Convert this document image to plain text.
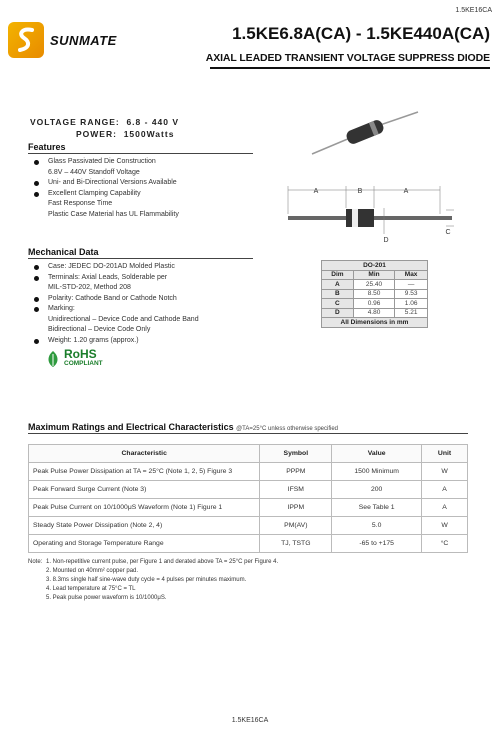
1.5KE16CA
SUNMATE	1.5KE6.8A(CA) - 1.5KE440A(CA)
AXIAL LEADED TRANSIENT VOLTAGE SUPPRESS DIODE
VOLTAGE RANGE: 6.8 - 440 V
POWER: 1500Watts
Features
Glass Passivated Die Construction
6.8V – 440V Standoff Voltage
Uni- and Bi-Directional Versions Available
Excellent Clamping Capability
Fast Response Time
Plastic Case Material has UL Flammability
A	B	A
C
D
Mechanical Data
Case: JEDEC DO-201AD Molded Plastic
Terminals: Axial Leads, Solderable per
MIL-STD-202, Method 208
Polarity: Cathode Band or Cathode Notch
Marking:
Unidirectional – Device Code and Cathode Band
Bidirectional – Device Code Only
Weight: 1.20 grams (approx.)
DO-201		
Dim	Min	Max
A	25.40	—
B	8.50	9.53
C	0.96	1.06
D	4.80	5.21
All Dimensions in mm		
RoHS
COMPLIANT
Maximum Ratings and Electrical Characteristics @TA=25°C unless otherwise specified
Characteristic	Symbol	Value	Unit
Peak Pulse Power Dissipation at TA = 25°C (Note 1, 2, 5) Figure 3	PPPM	1500 Minimum	W
Peak Forward Surge Current (Note 3)	IFSM	200	A
Peak Pulse Current on 10/1000μS Waveform (Note 1) Figure 1	IPPM	See Table 1	A
Steady State Power Dissipation (Note 2, 4)	PM(AV)	5.0	W
Operating and Storage Temperature Range	TJ, TSTG	-65 to +175	°C
Note: 1. Non-repetitive current pulse, per Figure 1 and derated above TA = 25°C per Figure 4.
2. Mounted on 40mm² copper pad.
3. 8.3ms single half sine-wave duty cycle = 4 pulses per minutes maximum.
4. Lead temperature at 75°C = TL
5. Peak pulse power waveform is 10/1000μS.
1.5KE16CA
